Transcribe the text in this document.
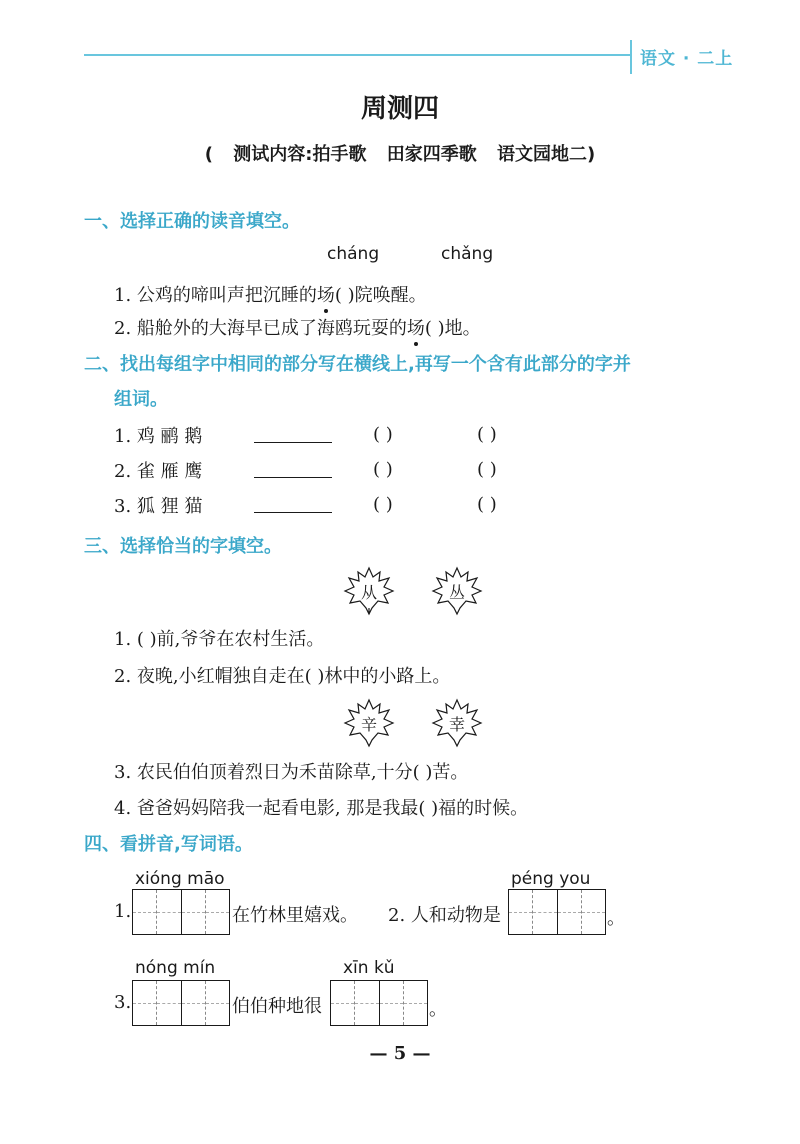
语文 · 二上
周测四
( 测试内容:拍手歌 田家四季歌 语文园地二)
一、选择正确的读音填空。
cháng	chǎng
1. 公鸡的啼叫声把沉睡的场( )院唤醒。
2. 船舱外的大海早已成了海鸥玩耍的场( )地。
二、找出每组字中相同的部分写在横线上,再写一个含有此部分的字并
组词。
1. 鸡 鹂 鹅	( )	( )
2. 雀 雁 鹰	( )	( )
3. 狐 狸 猫	( )	( )
三、选择恰当的字填空。
从	丛
1. ( )前,爷爷在农村生活。
2. 夜晚,小红帽独自走在( )林中的小路上。
辛	幸
3. 农民伯伯顶着烈日为禾苗除草,十分( )苦。
4. 爸爸妈妈陪我一起看电影, 那是我最( )福的时候。
四、看拼音,写词语。
xióng māo	péng you
1.	在竹林里嬉戏。 2. 人和动物是	。
nóng mín	xīn kǔ
3.	伯伯种地很	。
— 5 —
